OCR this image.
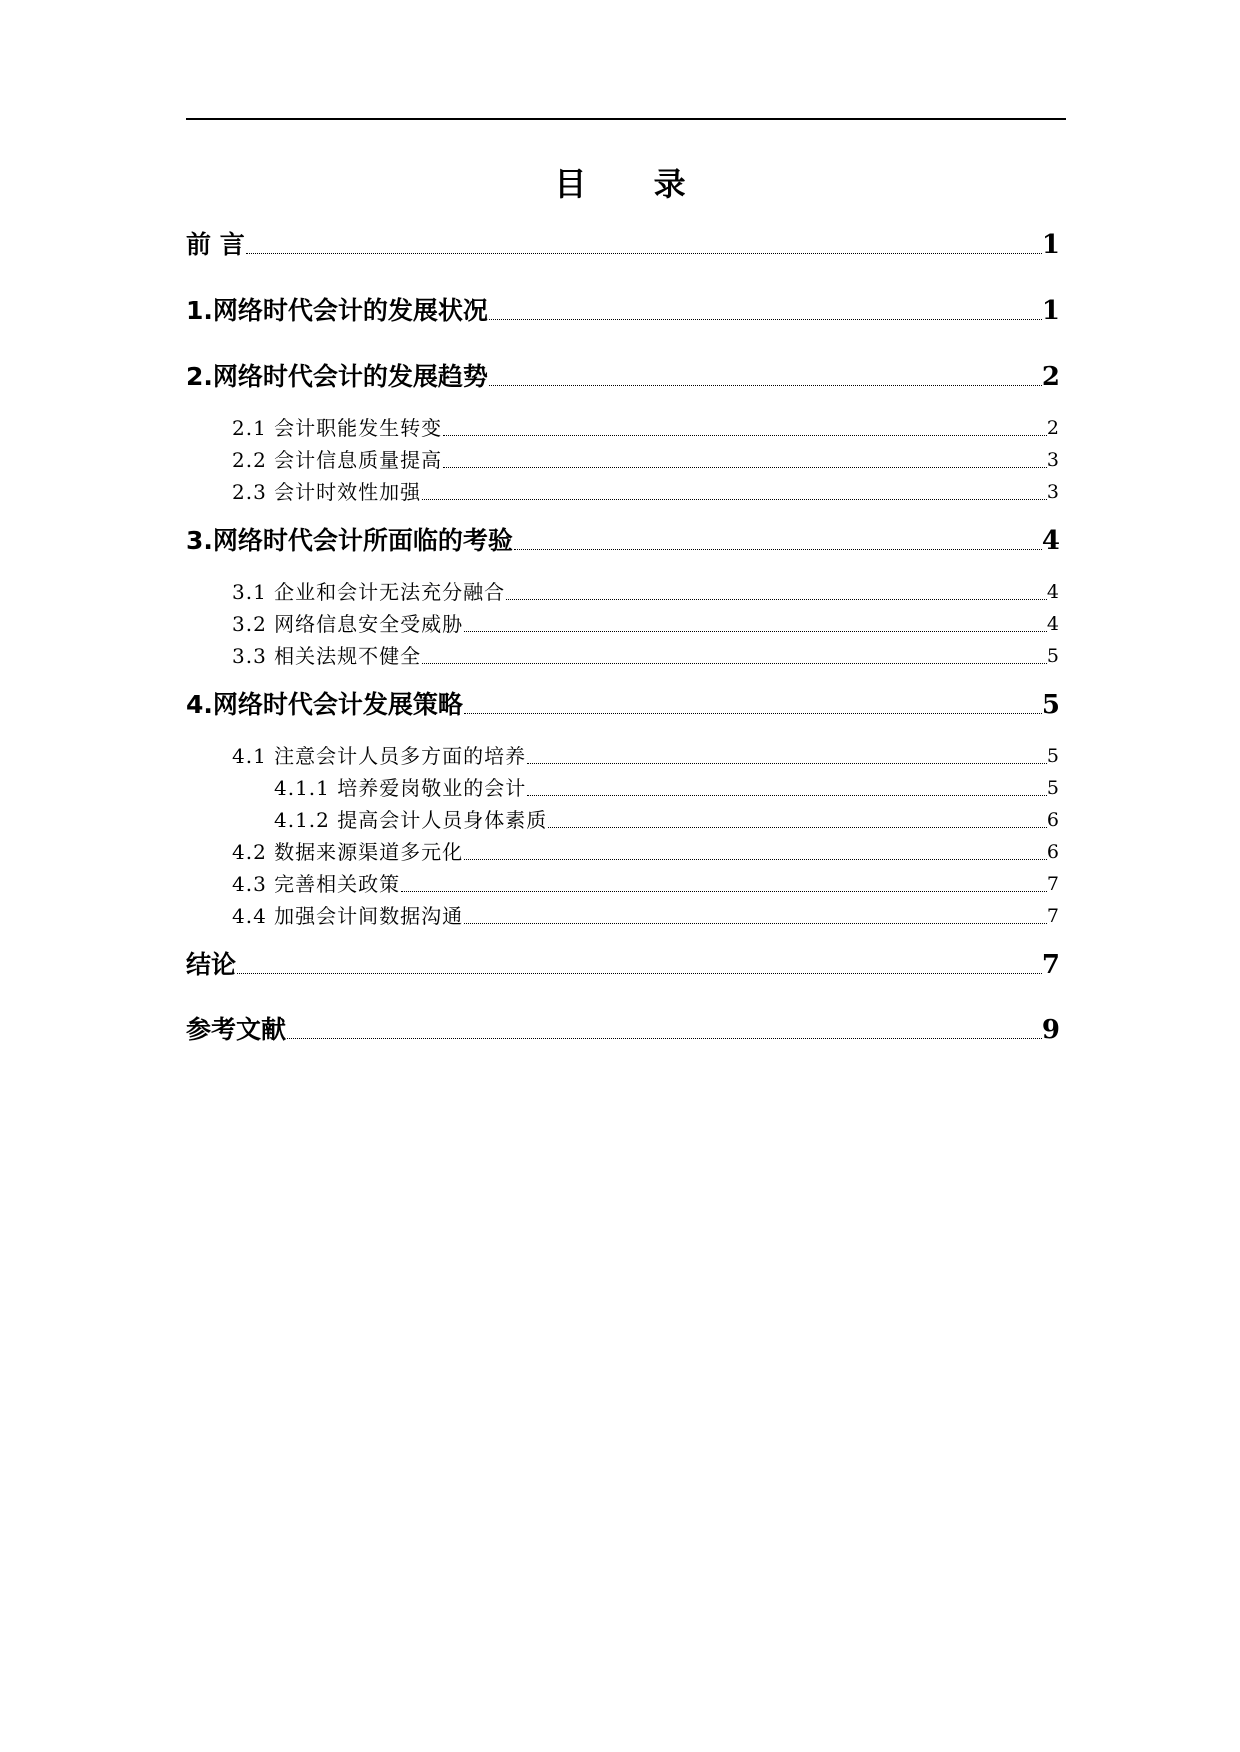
目 录
前 言	1
1.网络时代会计的发展状况	1
2.网络时代会计的发展趋势	2
2.1 会计职能发生转变	2
2.2 会计信息质量提高	3
2.3 会计时效性加强	3
3.网络时代会计所面临的考验	4
3.1 企业和会计无法充分融合	4
3.2 网络信息安全受威胁	4
3.3 相关法规不健全	5
4.网络时代会计发展策略	5
4.1 注意会计人员多方面的培养	5
4.1.1 培养爱岗敬业的会计	5
4.1.2 提高会计人员身体素质	6
4.2 数据来源渠道多元化	6
4.3 完善相关政策	7
4.4 加强会计间数据沟通	7
结论	7
参考文献	9
